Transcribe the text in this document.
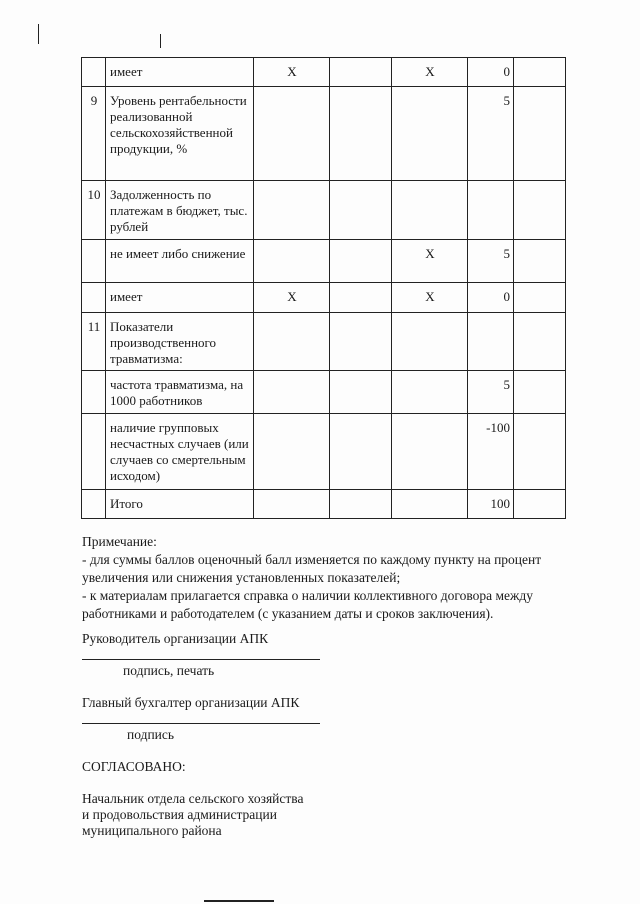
	имеет	X		X	0	
9	Уровень рентабельности реализованной сельскохозяйственной продукции, %				5	
10	Задолженность по платежам в бюджет, тыс. рублей					
	не имеет либо снижение			X	5	
	имеет	X		X	0	
11	Показатели производственного травматизма:					
	частота травматизма, на 1000 работников				5	
	наличие групповых несчастных случаев (или случаев со смертельным исходом)				-100	
	Итого				100	

Примечание:

- для суммы баллов оценочный балл изменяется по каждому пункту на процент увеличения или снижения установленных показателей;

- к материалам прилагается справка о наличии коллективного договора между работниками и работодателем (с указанием даты и сроков заключения).

Руководитель организации АПК
подпись, печать
Главный бухгалтер организации АПК
подпись
СОГЛАСОВАНО:
Начальник отдела сельского хозяйства
и продовольствия администрации
муниципального района
